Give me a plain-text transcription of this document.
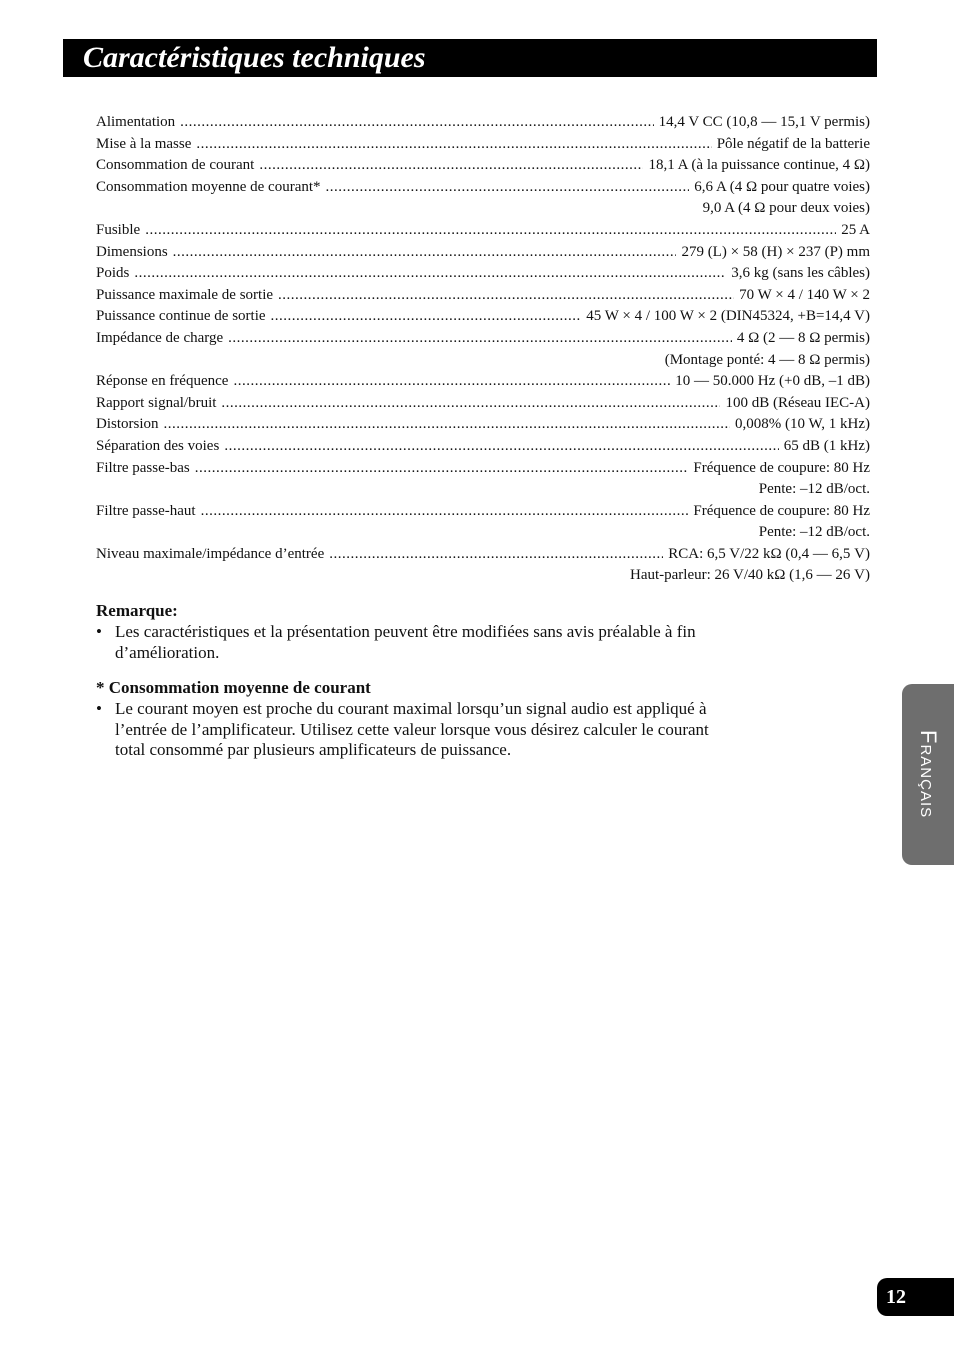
Caractéristiques techniques
Alimentation .....	14,4 V CC (10,8 — 15,1 V permis)
Mise à la masse .....	Pôle négatif de la batterie
Consommation de courant .....	18,1 A (à la puissance continue, 4 Ω)
Consommation moyenne de courant* .....	6,6 A (4 Ω pour quatre voies)
9,0 A (4 Ω pour deux voies)
Fusible .....	25 A
Dimensions .....	279 (L) × 58 (H) × 237 (P) mm
Poids .....	3,6 kg (sans les câbles)
Puissance maximale de sortie .....	70 W × 4 / 140 W × 2
Puissance continue de sortie .....	45 W × 4 / 100 W × 2 (DIN45324, +B=14,4 V)
Impédance de charge .....	4 Ω (2 — 8 Ω permis)
(Montage ponté: 4 — 8 Ω permis)
Réponse en fréquence .....	10 — 50.000 Hz (+0 dB, –1 dB)
Rapport signal/bruit .....	100 dB (Réseau IEC-A)
Distorsion .....	0,008% (10 W, 1 kHz)
Séparation des voies .....	65 dB (1 kHz)
Filtre passe-bas .....	Fréquence de coupure: 80 Hz
Pente: –12 dB/oct.
Filtre passe-haut .....	Fréquence de coupure: 80 Hz
Pente: –12 dB/oct.
Niveau maximale/impédance d’entrée .....	RCA: 6,5 V/22 kΩ (0,4 — 6,5 V)
Haut-parleur: 26 V/40 kΩ (1,6 — 26 V)
Remarque:
• Les caractéristiques et la présentation peuvent être modifiées sans avis préalable à fin d’amélioration.
* Consommation moyenne de courant
• Le courant moyen est proche du courant maximal lorsqu’un signal audio est appliqué à l’entrée de l’amplificateur. Utilisez cette valeur lorsque vous désirez calculer le courant total consommé par plusieurs amplificateurs de puissance.	Français
12
